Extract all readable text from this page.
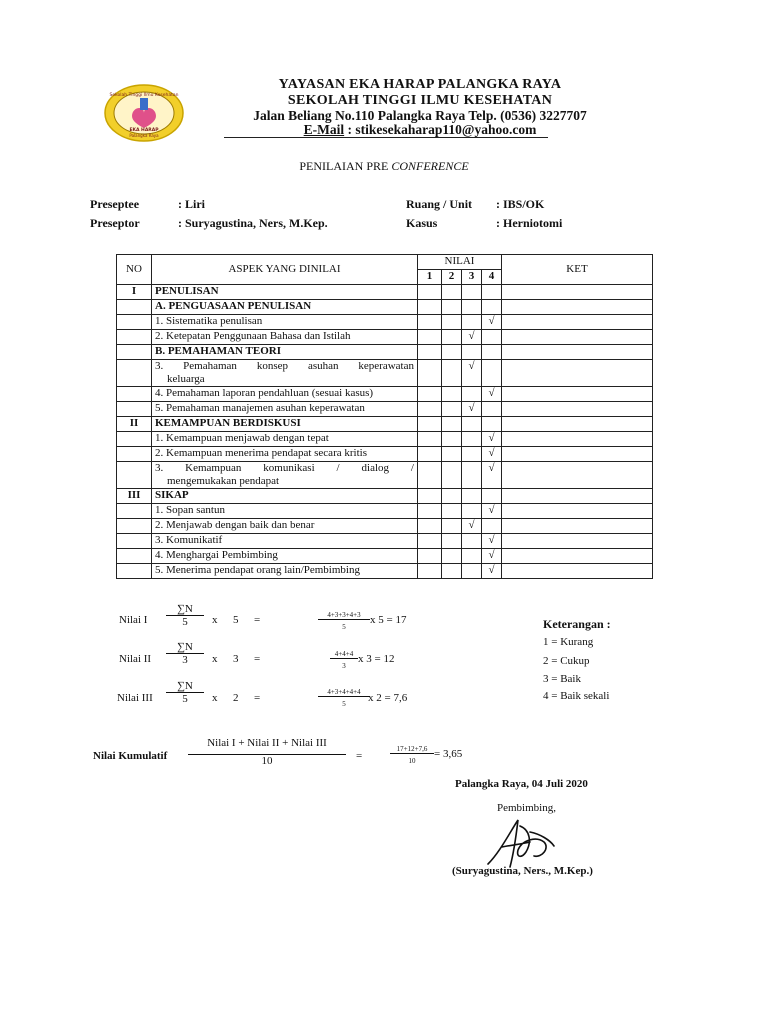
Sekolah Tinggi Ilmu Kesehatan
EKA HARAP
Palangka Raya
YAYASAN EKA HARAP PALANGKA RAYA
SEKOLAH TINGGI ILMU KESEHATAN
Jalan Beliang No.110 Palangka Raya Telp. (0536) 3227707
E-Mail : stikesekaharap110@yahoo.com
PENILAIAN PRE CONFERENCE
Preseptee	: Liri
Preseptor	: Suryagustina, Ners, M.Kep.
Ruang / Unit : IBS/OK
Kasus	: Herniotomi
NO	ASPEK YANG DINILAI	NILAI				KET
		1	2	3	4	
I	PENULISAN					

	A. PENGUASAAN PENULISAN					

	1. Sistematika penulisan				√	

	2. Ketepatan Penggunaan Bahasa dan Istilah			√		

	B. PEMAHAMAN TEORI					

	3. Pemahaman konsep asuhan keperawatan
keluarga			√		

	4. Pemahaman laporan pendahluan (sesuai kasus)				√	

	5. Pemahaman manajemen asuhan keperawatan			√		
II	KEMAMPUAN BERDISKUSI					

	1. Kemampuan menjawab dengan tepat				√	

	2. Kemampuan menerima pendapat secara kritis				√	

	3. Kemampuan komunikasi / dialog /
mengemukakan pendapat				√	
III	SIKAP					

	1. Sopan santun				√	

	2. Menjawab dengan baik dan benar			√		

	3. Komunikatif				√	

	4. Menghargai Pembimbing				√	

	5. Menerima pendapat orang lain/Pembimbing				√	
Nilai I
∑N
5	x 5 =	4+3+3+4+3
5
x 5 = 17
Nilai II
∑N
3	x 3 =	4+4+4
3
x 3 = 12
Nilai III
∑N
5	x 2 =	4+3+4+4+4
5	x 2 = 7,6
Nilai Kumulatif
Nilai I + Nilai II + Nilai III
10	=
17+12+7,6
10
= 3,65
Keterangan :
1 = Kurang
2 = Cukup
3 = Baik
4 = Baik sekali
Palangka Raya, 04 Juli 2020
Pembimbing,
(Suryagustina, Ners., M.Kep.)
